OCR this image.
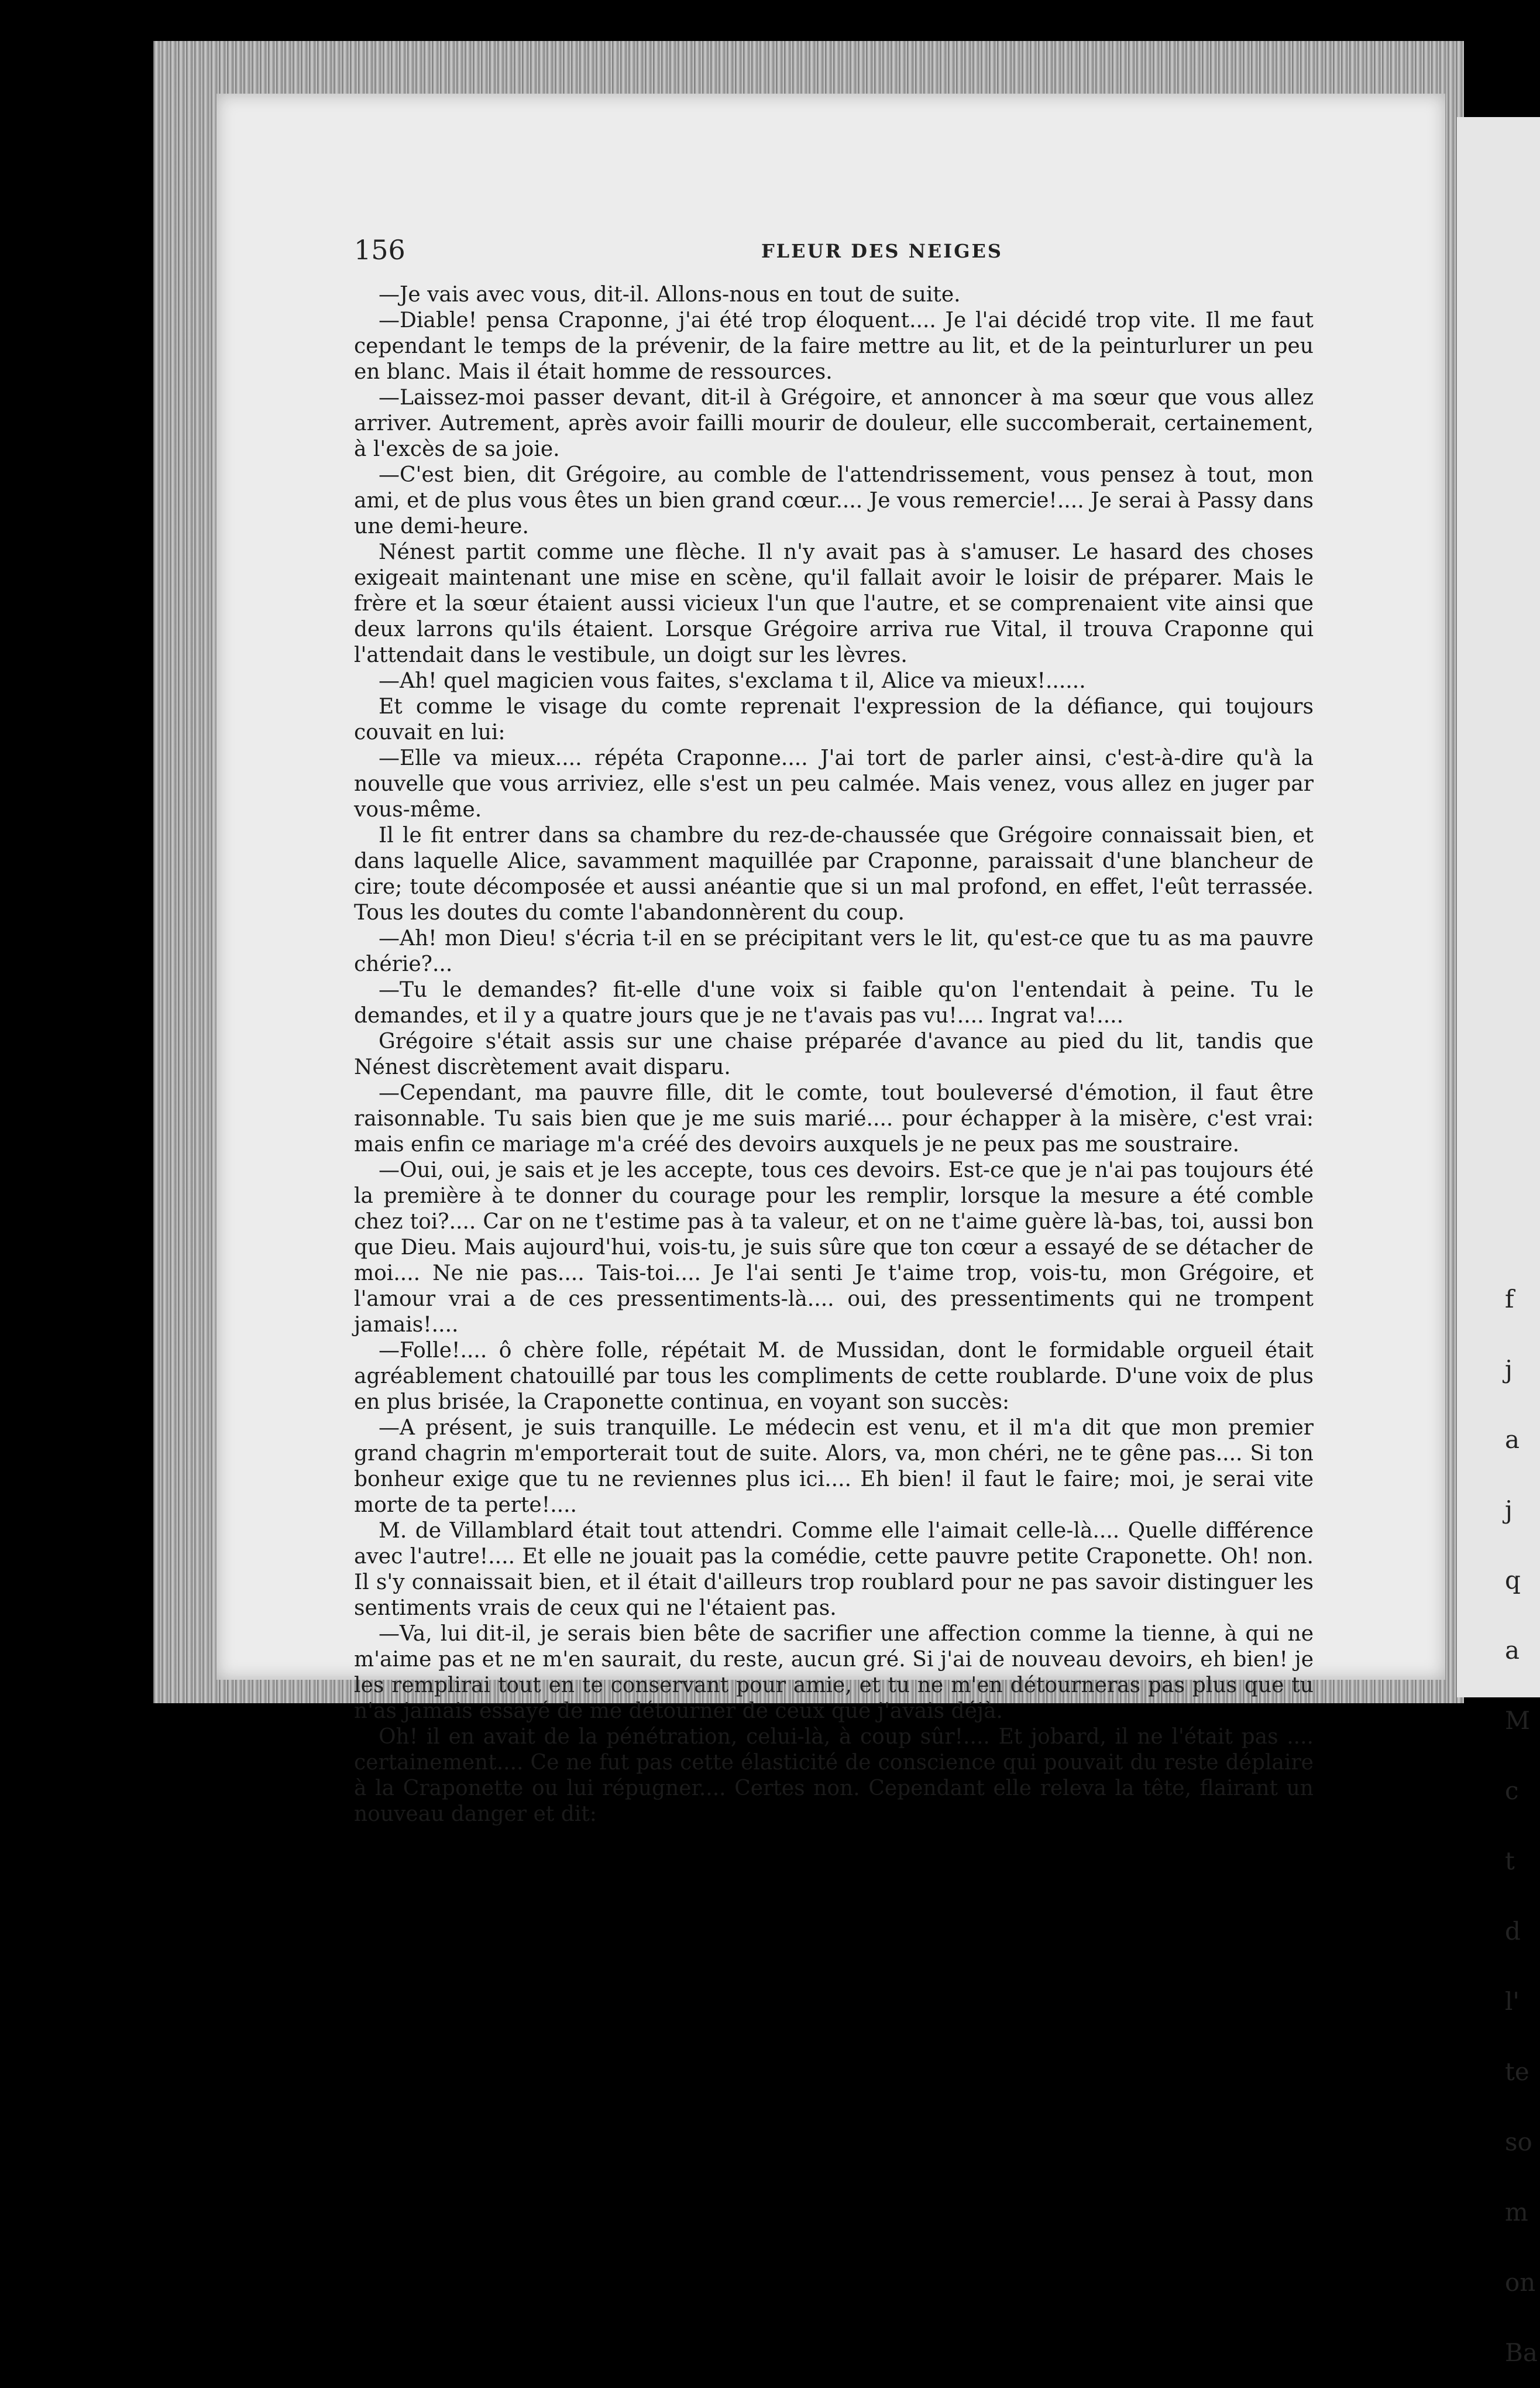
156	FLEUR DES NEIGES

—Je vais avec vous, dit-il. Allons-nous en tout de suite.

—Diable! pensa Craponne, j'ai été trop éloquent.... Je l'ai décidé trop vite. Il me faut cependant le temps de la prévenir, de la faire mettre au lit, et de la peinturlurer un peu en blanc. Mais il était homme de ressources.

—Laissez-moi passer devant, dit-il à Grégoire, et annoncer à ma sœur que vous allez arriver. Autrement, après avoir failli mourir de douleur, elle succomberait, certainement, à l'excès de sa joie.

—C'est bien, dit Grégoire, au comble de l'attendrissement, vous pensez à tout, mon ami, et de plus vous êtes un bien grand cœur.... Je vous remercie!.... Je serai à Passy dans une demi-heure.

Nénest partit comme une flèche. Il n'y avait pas à s'amuser. Le hasard des choses exigeait maintenant une mise en scène, qu'il fallait avoir le loisir de préparer. Mais le frère et la sœur étaient aussi vicieux l'un que l'autre, et se comprenaient vite ainsi que deux larrons qu'ils étaient. Lorsque Grégoire arriva rue Vital, il trouva Craponne qui l'attendait dans le vestibule, un doigt sur les lèvres.

—Ah! quel magicien vous faites, s'exclama t il, Alice va mieux!......

Et comme le visage du comte reprenait l'expression de la défiance, qui toujours couvait en lui:

—Elle va mieux.... répéta Craponne.... J'ai tort de parler ainsi, c'est-à-dire qu'à la nouvelle que vous arriviez, elle s'est un peu calmée. Mais venez, vous allez en juger par vous-même.

Il le fit entrer dans sa chambre du rez-de-chaussée que Grégoire connaissait bien, et dans laquelle Alice, savamment maquillée par Craponne, paraissait d'une blancheur de cire; toute décomposée et aussi anéantie que si un mal profond, en effet, l'eût terrassée. Tous les doutes du comte l'abandonnèrent du coup.

—Ah! mon Dieu! s'écria t-il en se précipitant vers le lit, qu'est-ce que tu as ma pauvre chérie?...

—Tu le demandes? fit-elle d'une voix si faible qu'on l'entendait à peine. Tu le demandes, et il y a quatre jours que je ne t'avais pas vu!.... Ingrat va!....

Grégoire s'était assis sur une chaise préparée d'avance au pied du lit, tandis que Nénest discrètement avait disparu.

—Cependant, ma pauvre fille, dit le comte, tout bouleversé d'émotion, il faut être raisonnable. Tu sais bien que je me suis marié.... pour échapper à la misère, c'est vrai: mais enfin ce mariage m'a créé des devoirs auxquels je ne peux pas me soustraire.

—Oui, oui, je sais et je les accepte, tous ces devoirs. Est-ce que je n'ai pas toujours été la première à te donner du courage pour les remplir, lorsque la mesure a été comble chez toi?.... Car on ne t'estime pas à ta valeur, et on ne t'aime guère là-bas, toi, aussi bon que Dieu. Mais aujourd'hui, vois-tu, je suis sûre que ton cœur a essayé de se détacher de moi.... Ne nie pas.... Tais-toi.... Je l'ai senti Je t'aime trop, vois-tu, mon Grégoire, et l'amour vrai a de ces pressentiments-là.... oui, des pressentiments qui ne trompent jamais!....

—Folle!.... ô chère folle, répétait M. de Mussidan, dont le formidable orgueil était agréablement chatouillé par tous les compliments de cette roublarde. D'une voix de plus en plus brisée, la Craponette continua, en voyant son succès:

—A présent, je suis tranquille. Le médecin est venu, et il m'a dit que mon premier grand chagrin m'emporterait tout de suite. Alors, va, mon chéri, ne te gêne pas.... Si ton bonheur exige que tu ne reviennes plus ici.... Eh bien! il faut le faire; moi, je serai vite morte de ta perte!....

M. de Villamblard était tout attendri. Comme elle l'aimait celle-là.... Quelle différence avec l'autre!.... Et elle ne jouait pas la comédie, cette pauvre petite Craponette. Oh! non. Il s'y connaissait bien, et il était d'ailleurs trop roublard pour ne pas savoir distinguer les sentiments vrais de ceux qui ne l'étaient pas.

—Va, lui dit-il, je serais bien bête de sacrifier une affection comme la tienne, à qui ne m'aime pas et ne m'en saurait, du reste, aucun gré. Si j'ai de nouveau devoirs, eh bien! je les remplirai tout en te conservant pour amie, et tu ne m'en détourneras pas plus que tu n'as jamais essayé de me détourner de ceux que j'avais déjà.

Oh! il en avait de la pénétration, celui-là, à coup sûr!.... Et jobard, il ne l'était pas .... certainement.... Ce ne fut pas cette élasticité de conscience qui pouvait du reste déplaire à la Craponette ou lui répugner.... Certes non. Cependant elle releva la tête, flairant un nouveau danger et dit:

f
j
a
j
q
a
M
c
t
d
l'
te
so
m
on
Ba
